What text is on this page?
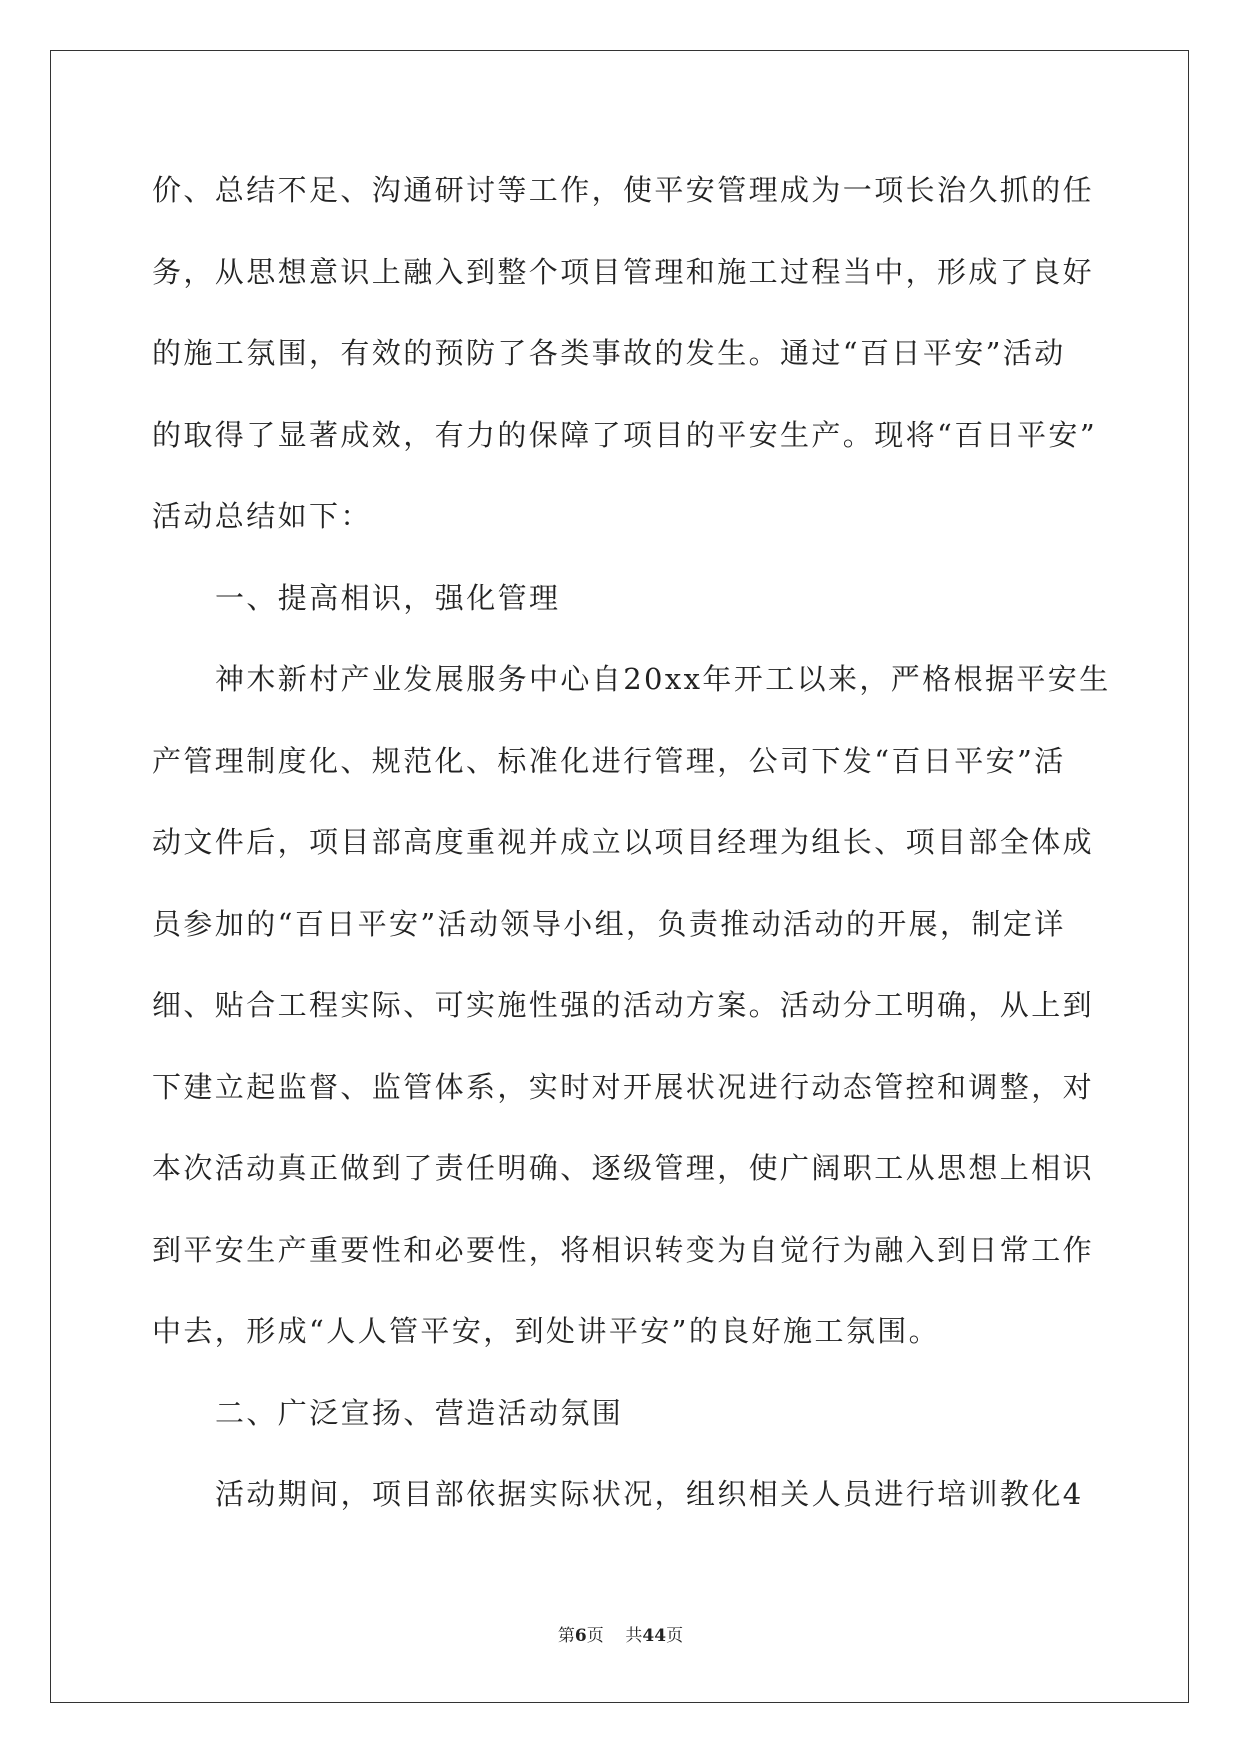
价、总结不足、沟通研讨等工作，使平安管理成为一项长治久抓的任
务，从思想意识上融入到整个项目管理和施工过程当中，形成了良好
的施工氛围，有效的预防了各类事故的发生。通过“百日平安”活动
的取得了显著成效，有力的保障了项目的平安生产。现将“百日平安”
活动总结如下：
一、提高相识，强化管理
神木新村产业发展服务中心自20xx年开工以来，严格根据平安生
产管理制度化、规范化、标准化进行管理，公司下发“百日平安”活
动文件后，项目部高度重视并成立以项目经理为组长、项目部全体成
员参加的“百日平安”活动领导小组，负责推动活动的开展，制定详
细、贴合工程实际、可实施性强的活动方案。活动分工明确，从上到
下建立起监督、监管体系，实时对开展状况进行动态管控和调整，对
本次活动真正做到了责任明确、逐级管理，使广阔职工从思想上相识
到平安生产重要性和必要性，将相识转变为自觉行为融入到日常工作
中去，形成“人人管平安，到处讲平安”的良好施工氛围。
二、广泛宣扬、营造活动氛围
活动期间，项目部依据实际状况，组织相关人员进行培训教化4
第6页 共44页
